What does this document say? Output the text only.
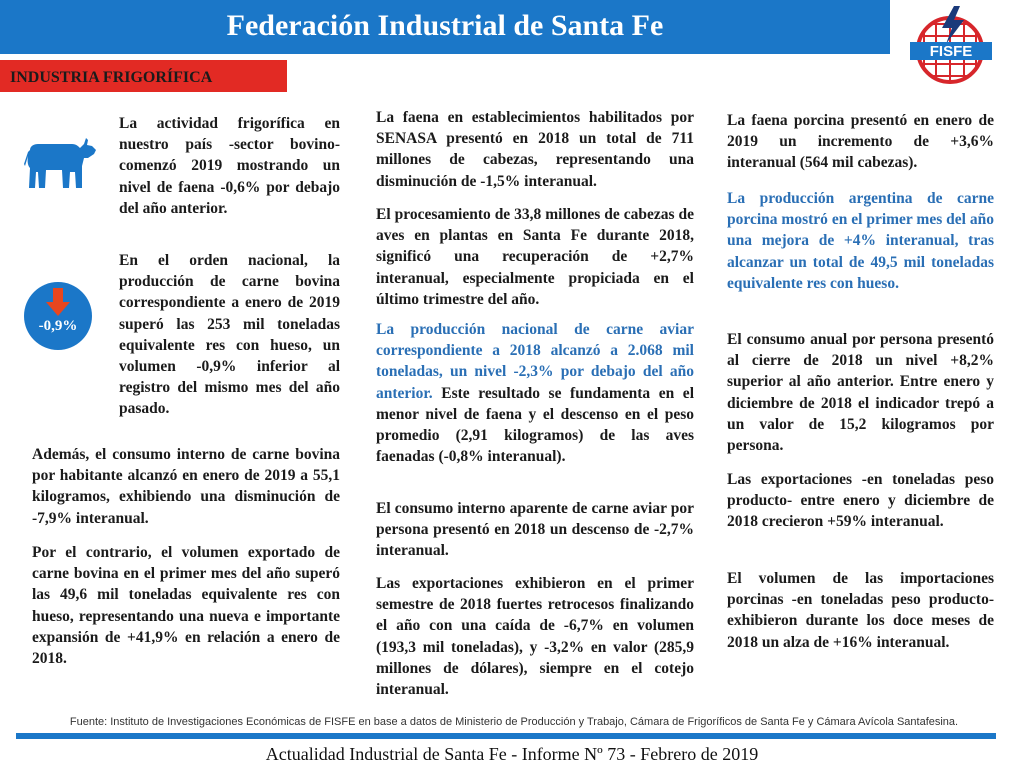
Federación Industrial de Santa Fe
FISFE
INDUSTRIA FRIGORÍFICA
-0,9%

La actividad frigorífica en nuestro país -sector bovino- comenzó 2019 mostrando un nivel de faena -0,6% por debajo del año anterior.

En el orden nacional, la producción de carne bovina correspondiente a enero de 2019 superó las 253 mil toneladas equivalente res con hueso, un volumen -0,9% inferior al registro del mismo mes del año pasado.

Además, el consumo interno de carne bovina por habitante alcanzó en enero de 2019 a 55,1 kilogramos, exhibiendo una disminución de -7,9% interanual.

Por el contrario, el volumen exportado de carne bovina en el primer mes del año superó las 49,6 mil toneladas equivalente res con hueso, representando una nueva e importante expansión de +41,9% en relación a enero de 2018.

La faena en establecimientos habilitados por SENASA presentó en 2018 un total de 711 millones de cabezas, representando una disminución de -1,5% interanual.

El procesamiento de 33,8 millones de cabezas de aves en plantas en Santa Fe durante 2018, significó una recuperación de +2,7% interanual, especialmente propiciada en el último trimestre del año.

La producción nacional de carne aviar correspondiente a 2018 alcanzó a 2.068 mil toneladas, un nivel -2,3% por debajo del año anterior. Este resultado se fundamenta en el menor nivel de faena y el descenso en el peso promedio (2,91 kilogramos) de las aves faenadas (-0,8% interanual).

El consumo interno aparente de carne aviar por persona presentó en 2018 un descenso de -2,7% interanual.

Las exportaciones exhibieron en el primer semestre de 2018 fuertes retrocesos finalizando el año con una caída de -6,7% en volumen (193,3 mil toneladas), y -3,2% en valor (285,9 millones de dólares), siempre en el cotejo interanual.

La faena porcina presentó en enero de 2019 un incremento de +3,6% interanual (564 mil cabezas).

La producción argentina de carne porcina mostró en el primer mes del año una mejora de +4% interanual, tras alcanzar un total de 49,5 mil toneladas equivalente res con hueso.

El consumo anual por persona presentó al cierre de 2018 un nivel +8,2% superior al año anterior. Entre enero y diciembre de 2018 el indicador trepó a un valor de 15,2 kilogramos por persona.

Las exportaciones -en toneladas peso producto- entre enero y diciembre de 2018 crecieron +59% interanual.

El volumen de las importaciones porcinas -en toneladas peso producto- exhibieron durante los doce meses de 2018 un alza de +16% interanual.

Fuente: Instituto de Investigaciones Económicas de FISFE en base a datos de Ministerio de Producción y Trabajo, Cámara de Frigoríficos de Santa Fe y Cámara Avícola Santafesina.
Actualidad Industrial de Santa Fe - Informe Nº 73 - Febrero de 2019
